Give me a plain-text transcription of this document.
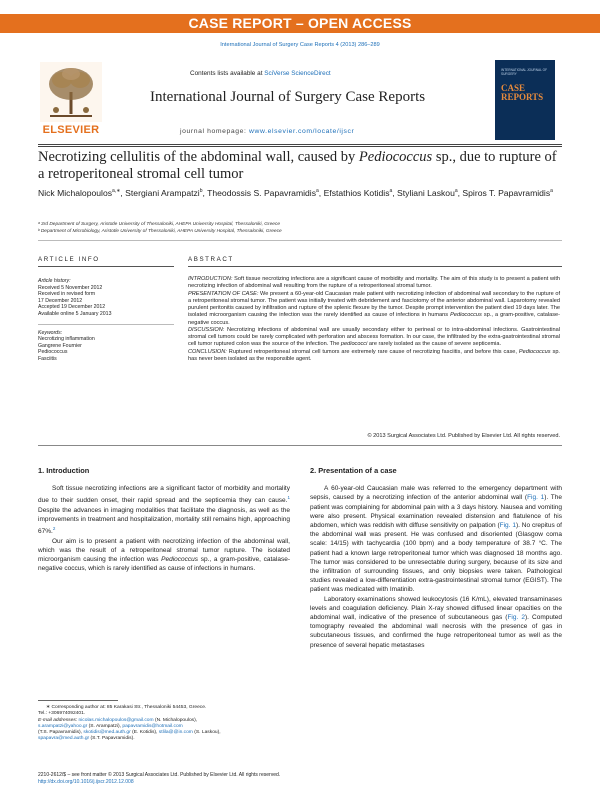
CASE REPORT – OPEN ACCESS
International Journal of Surgery Case Reports 4 (2013) 286–289
ELSEVIER
Contents lists available at SciVerse ScienceDirect
International Journal of Surgery Case Reports
journal homepage: www.elsevier.com/locate/ijscr
INTERNATIONAL JOURNAL OF SURGERY
CASE REPORTS
Necrotizing cellulitis of the abdominal wall, caused by Pediococcus sp., due to rupture of a retroperitoneal stromal cell tumor
Nick Michalopoulos$^{a,∗}$, Stergiani Arampatzi$^b$, Theodossis S. Papavramidis$^a$, Efstathios Kotidis$^a$, Styliani Laskou$^a$, Spiros T. Papavramidis$^a$
ᵃ 3rd Department of Surgery, Aristotle University of Thessaloniki, AHEPA University Hospital, Thessaloniki, Greece
ᵇ Department of Microbiology, Aristotle University of Thessaloniki, AHEPA University Hospital, Thessaloniki, Greece
ARTICLE INFO	ABSTRACT
Article history:
Received 5 November 2012
Received in revised form
17 December 2012
Accepted 19 December 2012
Available online 5 January 2013
Keywords:
Necrotizing inflammation
Gangrene Fournier
Pediococcus
Fasciitis
INTRODUCTION: Soft tissue necrotizing infections are a significant cause of morbidity and mortality. The aim of this study is to present a patient with necrotizing infection of abdominal wall resulting from the rupture of a retroperitoneal stromal tumor.
PRESENTATION OF CASE: We present a 60-year-old Caucasian male patient with necrotizing infection of abdominal wall secondary to the rupture of a retroperitoneal stromal tumor. The patient was initially treated with debridement and fasciotomy of the anterior abdominal wall. Laparotomy revealed purulent peritonitis caused by infiltration and rupture of the splenic flexure by the tumor. Despite prompt intervention the patient died 19 days later. The isolated microorganism causing the infection was the rarely identified as cause of infections in humans Pediococcus sp., a gram-positive, catalase-negative coccus.
DISCUSSION: Necrotizing infections of abdominal wall are usually secondary either to perineal or to intra-abdominal infections. Gastrointestinal stromal cell tumors could be rarely complicated with perforation and abscess formation. In our case, the infiltrated by the extra-gastrointestinal stromal cell tumor ruptured colon was the source of the infection. The pediococci are rarely isolated as the cause of severe septicemia.
CONCLUSION: Ruptured retroperitoneal stromal cell tumors are extremely rare cause of necrotizing fasciitis, and before this case, Pediococcus sp. has never been isolated as the responsible agent.
© 2013 Surgical Associates Ltd. Published by Elsevier Ltd. All rights reserved.
1. Introduction

Soft tissue necrotizing infections are a significant factor of morbidity and mortality due to their sudden onset, their rapid spread and the septicemia they can cause.$^1$ Despite the advances in imaging modalities that facilitate the diagnosis, as well as the improvements in treatment and hospitalization, mortality still remains high, approaching 67%.$^2$

Our aim is to present a patient with necrotizing infection of the abdominal wall, which was the result of a retroperitoneal stromal tumor rupture. The isolated microorganism causing the infection was Pediococcus sp., a gram-positive, catalase-negative coccus, which is rarely identified as cause of infections in humans.

∗ Corresponding author at: 85 Karakasi Str., Thessaloniki 54453, Greece.
Tel.: +306974092401.
E-mail addresses: nicolas.michalopoulos@gmail.com (N. Michalopoulos),
s.arampatzi@yahoo.gr (S. Arampatzi), papavramidis@hotmail.com
(T.S. Papavramidis), skotidis@med.auth.gr (E. Kotidis), stlila@@in.com (S. Laskou),
spapavra@med.auth.gr (S.T. Papavramidis).
2. Presentation of a case

A 60-year-old Caucasian male was referred to the emergency department with sepsis, caused by a necrotizing infection of the anterior abdominal wall (Fig. 1). The patient was complaining for abdominal pain with a 3 days history. Nausea and vomiting were also present. Physical examination revealed distension and flatulence of his abdomen, which was reddish with diffuse sensitivity on palpation (Fig. 1). No crepitus of the abdominal wall was present. He was confused and disoriented (Glasgow coma scale: 14/15) with tachycardia (100 bpm) and a body temperature of 38.7 °C. The patient had a known large retroperitoneal tumor which was diagnosed 18 months ago. The tumor was considered to be unresectable during surgery, because of its size and the infiltration of surrounding tissues, and only biopsies were taken. Pathological studies revealed a low-differentiation extra-gastrointestinal stromal tumor (EGIST). The patient was medicated with Imatinib.

Laboratory examinations showed leukocytosis (16 K/mL), elevated transaminases levels and coagulation deficiency. Plain X-ray showed diffused linear opacities on the abdominal wall, indicative of the presence of subcutaneous gas (Fig. 2). Computed tomography revealed the abdominal wall necrosis with the presence of gas in subcutaneous tissues, and confirmed the huge retroperitoneal tumor as well as the presence of several hepatic metastases

2210-2612/$ – see front matter © 2013 Surgical Associates Ltd. Published by Elsevier Ltd. All rights reserved.
http://dx.doi.org/10.1016/j.ijscr.2012.12.008
